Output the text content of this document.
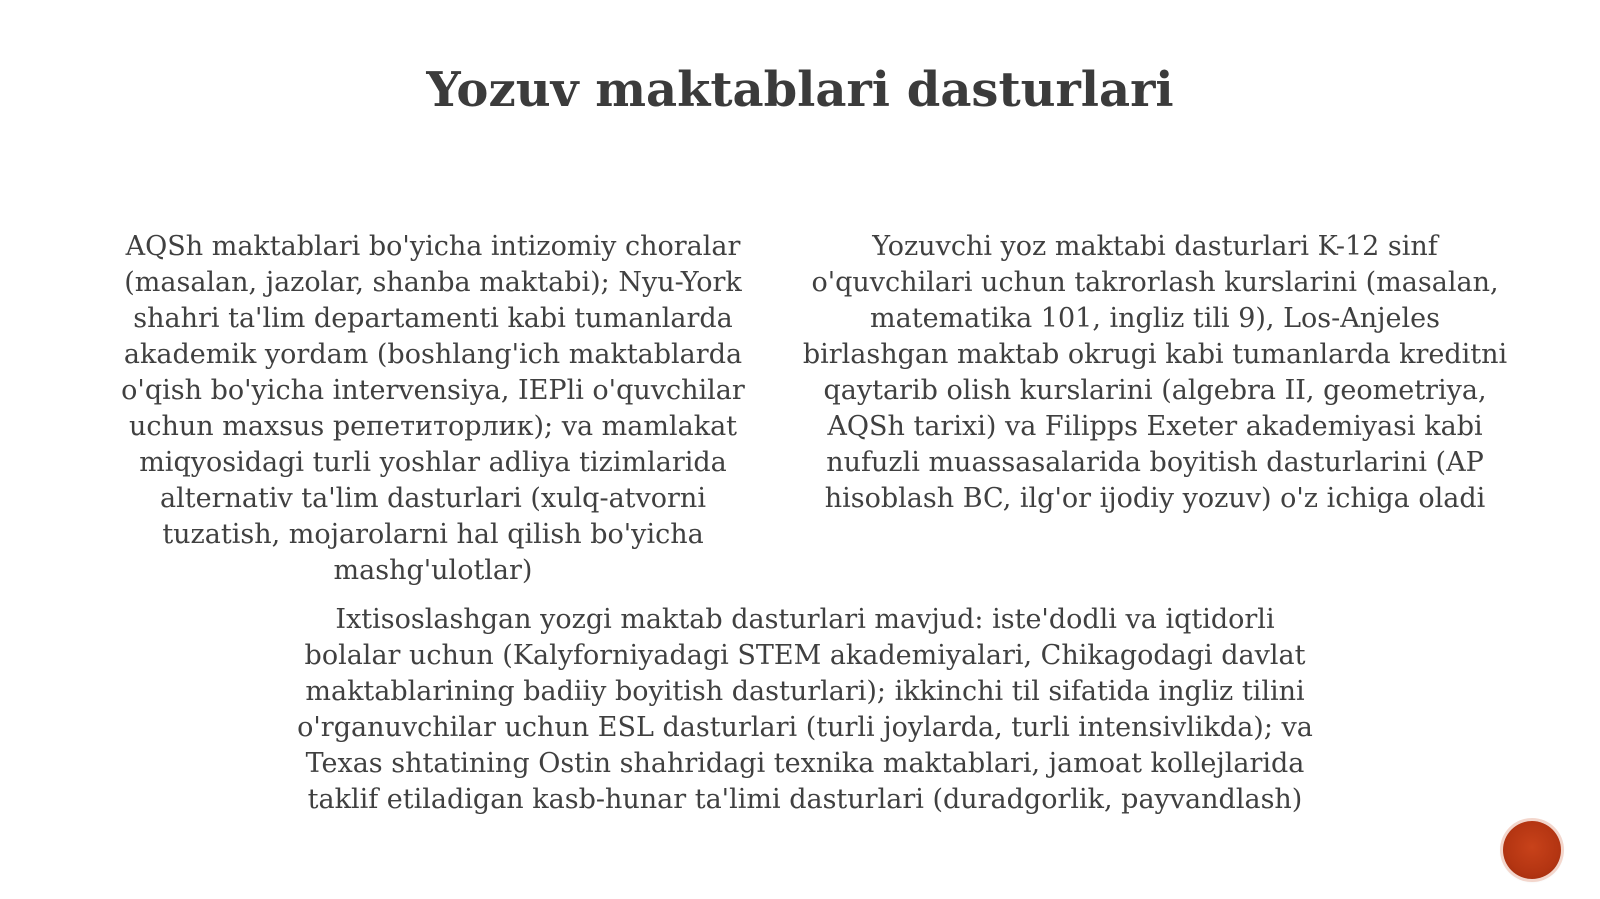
Yozuv maktablari dasturlari

AQSh maktablari bo'yicha intizomiy choralar (masalan, jazolar, shanba maktabi); Nyu-York shahri ta'lim departamenti kabi tumanlarda akademik yordam (boshlang'ich maktablarda o'qish bo'yicha intervensiya, IEPli o'quvchilar uchun maxsus репетиторлик); va mamlakat miqyosidagi turli yoshlar adliya tizimlarida alternativ ta'lim dasturlari (xulq-atvorni tuzatish, mojarolarni hal qilish bo'yicha mashg'ulotlar)

Yozuvchi yoz maktabi dasturlari K-12 sinf o'quvchilari uchun takrorlash kurslarini (masalan, matematika 101, ingliz tili 9), Los-Anjeles birlashgan maktab okrugi kabi tumanlarda kreditni qaytarib olish kurslarini (algebra II, geometriya, AQSh tarixi) va Filipps Exeter akademiyasi kabi nufuzli muassasalarida boyitish dasturlarini (AP hisoblash BC, ilg'or ijodiy yozuv) o'z ichiga oladi

Ixtisoslashgan yozgi maktab dasturlari mavjud: iste'dodli va iqtidorli bolalar uchun (Kalyforniyadagi STEM akademiyalari, Chikagodagi davlat maktablarining badiiy boyitish dasturlari); ikkinchi til sifatida ingliz tilini o'rganuvchilar uchun ESL dasturlari (turli joylarda, turli intensivlikda); va Texas shtatining Ostin shahridagi texnika maktablari, jamoat kollejlarida taklif etiladigan kasb-hunar ta'limi dasturlari (duradgorlik, payvandlash)
